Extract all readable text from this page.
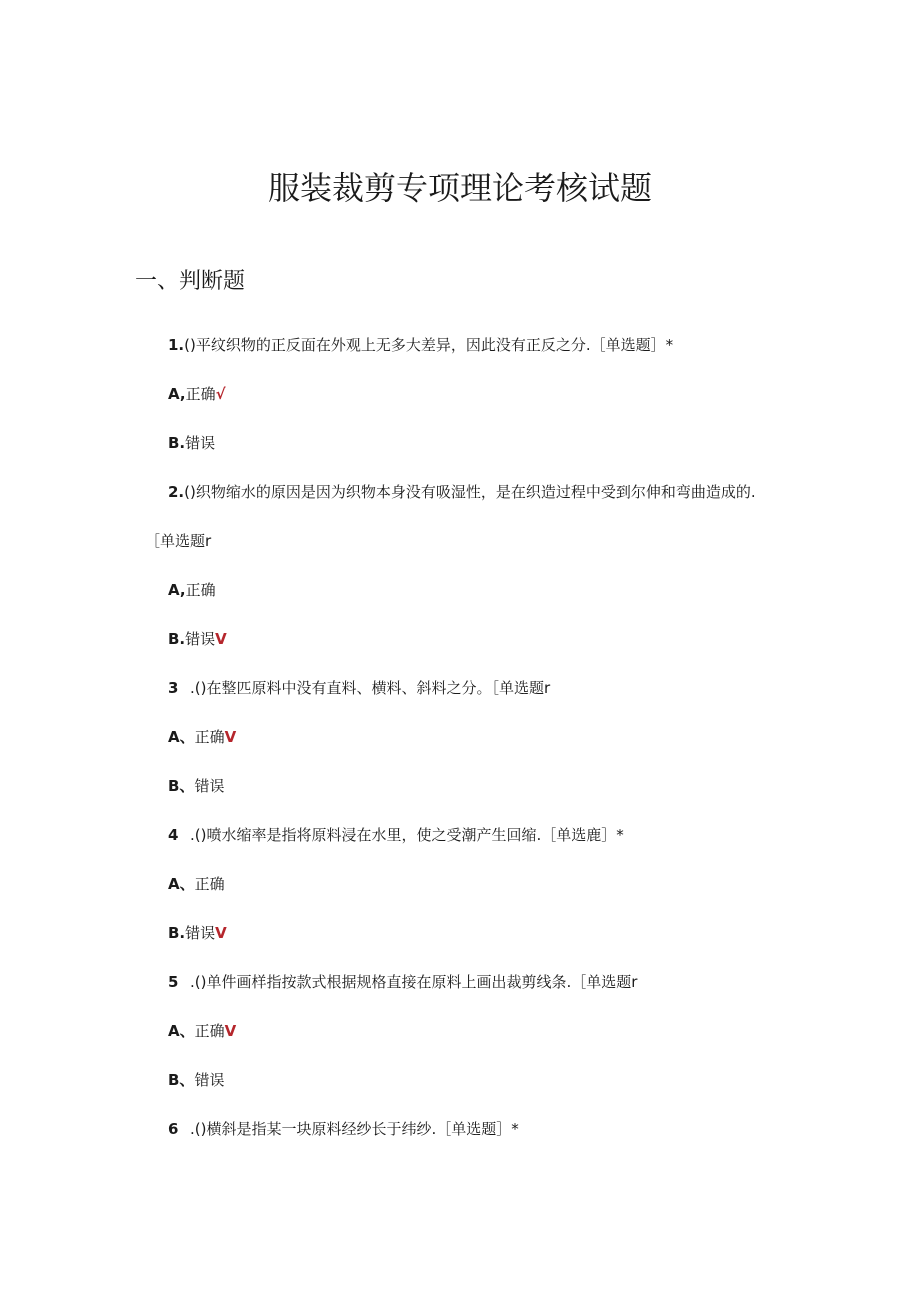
服装裁剪专项理论考核试题
一、判断题
1.()平纹织物的正反面在外观上无多大差异，因此没有正反之分.［单选题］*
A,正确√
B.错误
2.()织物缩水的原因是因为织物本身没有吸湿性，是在织造过程中受到尔伸和弯曲造成的.
［单选题r
A,正确
B.错误V
3 .()在整匹原料中没有直料、横料、斜料之分。［单选题r
A、正确V
B、错误
4 .()喷水缩率是指将原料浸在水里，使之受潮产生回缩.［单选鹿］*
A、正确
B.错误V
5 .()单件画样指按款式根据规格直接在原料上画出裁剪线条.［单选题r
A、正确V
B、错误
6 .()横斜是指某一块原料经纱长于纬纱.［单选题］*
